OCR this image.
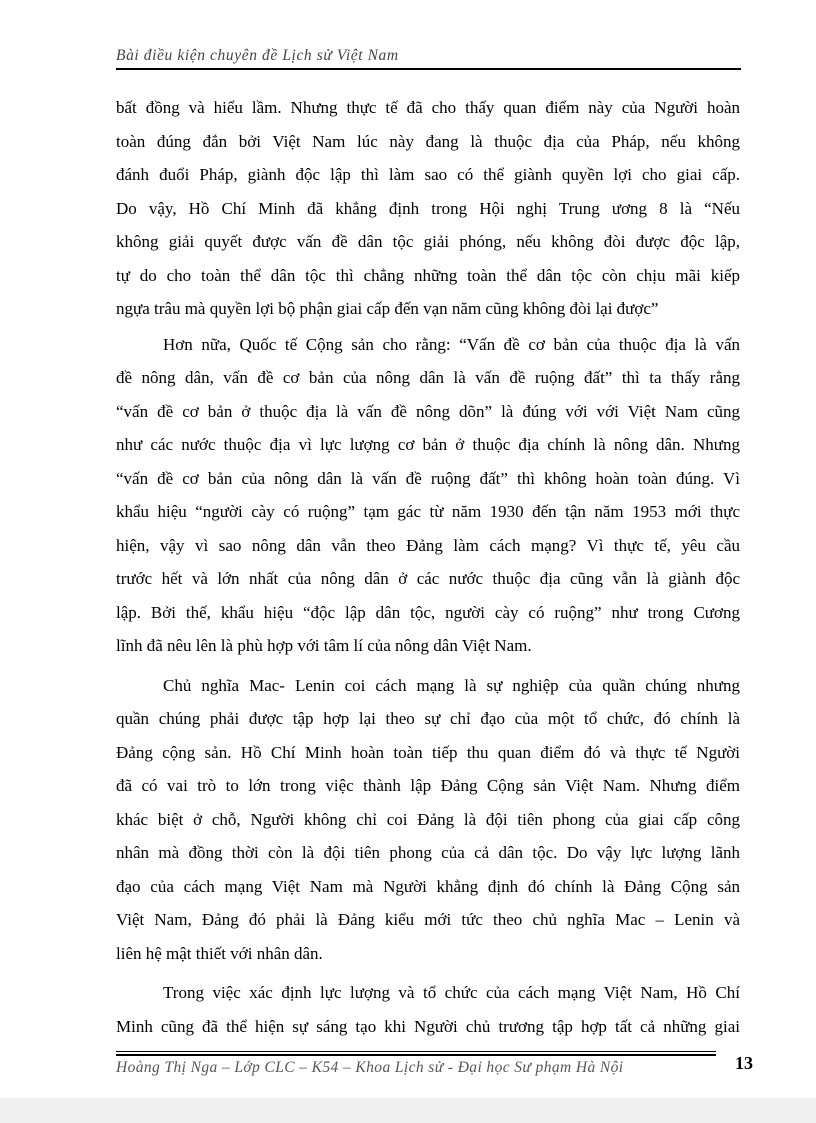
Bài điều kiện chuyên đề Lịch sử Việt Nam
bất đồng và hiểu lầm. Nhưng thực tế đã cho thấy quan điểm này của Người hoàn
toàn đúng đắn bởi Việt Nam lúc này đang là thuộc địa của Pháp, nếu không
đánh đuổi Pháp, giành độc lập thì làm sao có thể giành quyền lợi cho giai cấp.
Do vậy, Hồ Chí Minh đã khẳng định trong Hội nghị Trung ương 8 là “Nếu
không giải quyết được vấn đề dân tộc giải phóng, nếu không đòi được độc lập,
tự do cho toàn thể dân tộc thì chẳng những toàn thể dân tộc còn chịu mãi kiếp
ngựa trâu mà quyền lợi bộ phận giai cấp đến vạn năm cũng không đòi lại được”
Hơn nữa, Quốc tế Cộng sản cho rằng: “Vấn đề cơ bản của thuộc địa là vấn
đề nông dân, vấn đề cơ bản của nông dân là vấn đề ruộng đất” thì ta thấy rằng
“vấn đề cơ bản ở thuộc địa là vấn đề nông dõn” là đúng với với Việt Nam cũng
như các nước thuộc địa vì lực lượng cơ bản ở thuộc địa chính là nông dân. Nhưng
“vấn đề cơ bản của nông dân là vấn đề ruộng đất” thì không hoàn toàn đúng. Vì
khẩu hiệu “người cày có ruộng” tạm gác từ năm 1930 đến tận năm 1953 mới thực
hiện, vậy vì sao nông dân vẫn theo Đảng làm cách mạng? Vì thực tế, yêu cầu
trước hết và lớn nhất của nông dân ở các nước thuộc địa cũng vẫn là giành độc
lập. Bởi thế, khẩu hiệu “độc lập dân tộc, người cày có ruộng” như trong Cương
lĩnh đã nêu lên là phù hợp với tâm lí của nông dân Việt Nam.
Chủ nghĩa Mac- Lenin coi cách mạng là sự nghiệp của quần chúng nhưng
quần chúng phải được tập hợp lại theo sự chỉ đạo của một tổ chức, đó chính là
Đảng cộng sản. Hồ Chí Minh hoàn toàn tiếp thu quan điểm đó và thực tế Người
đã có vai trò to lớn trong việc thành lập Đảng Cộng sản Việt Nam. Nhưng điểm
khác biệt ở chỗ, Người không chỉ coi Đảng là đội tiên phong của giai cấp công
nhân mà đồng thời còn là đội tiên phong của cả dân tộc. Do vậy lực lượng lãnh
đạo của cách mạng Việt Nam mà Người khẳng định đó chính là Đảng Cộng sản
Việt Nam, Đảng đó phải là Đảng kiểu mới tức theo chủ nghĩa Mac – Lenin và
liên hệ mật thiết với nhân dân.
Trong việc xác định lực lượng và tổ chức của cách mạng Việt Nam, Hồ Chí
Minh cũng đã thể hiện sự sáng tạo khi Người chủ trương tập hợp tất cả những giai
Hoàng Thị Nga – Lớp CLC – K54 – Khoa Lịch sử - Đại học Sư phạm Hà Nội	13
